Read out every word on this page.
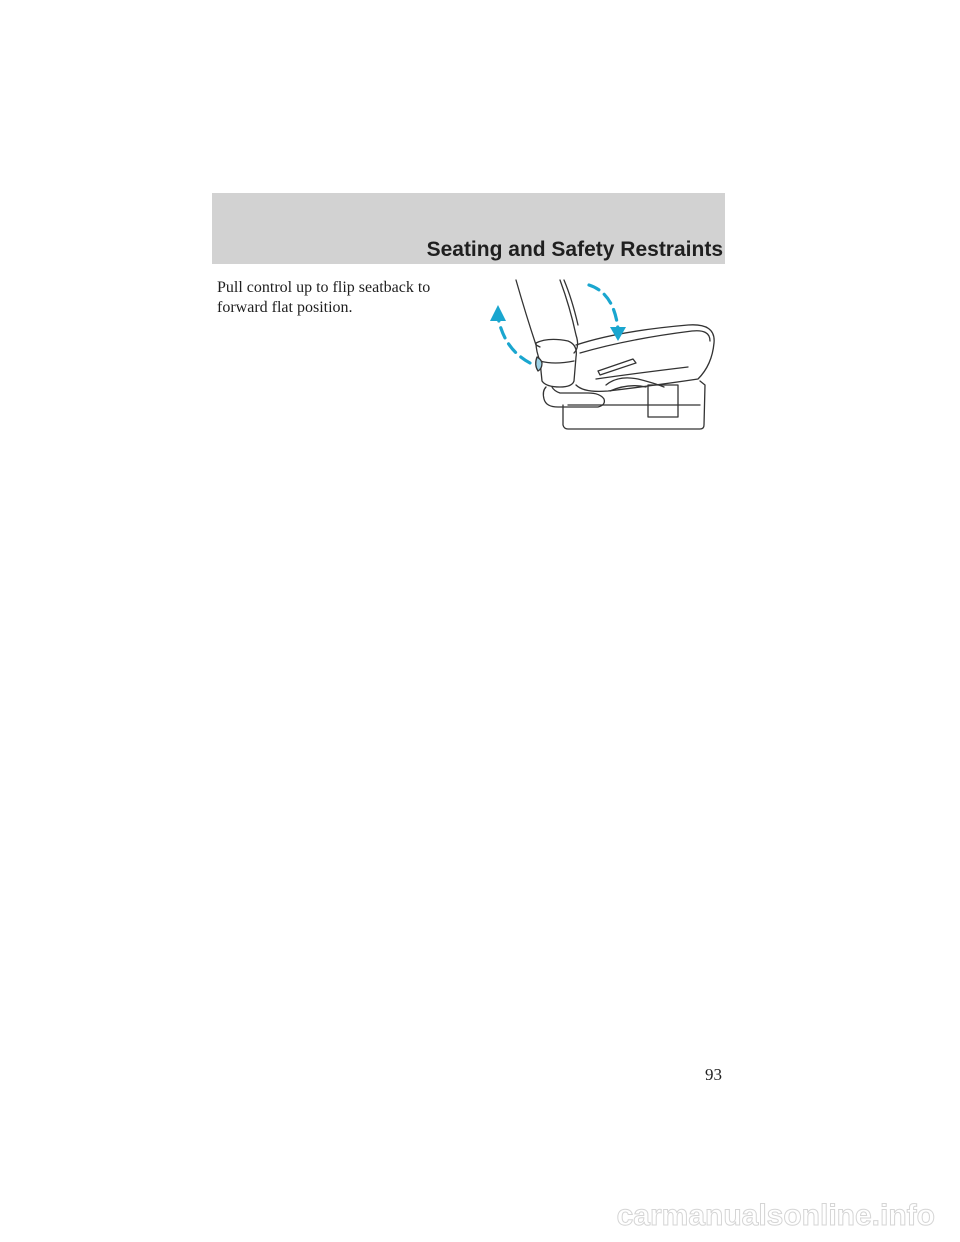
Seating and Safety Restraints

Pull control up to flip seatback to forward flat position.

93
carmanualsonline.info
